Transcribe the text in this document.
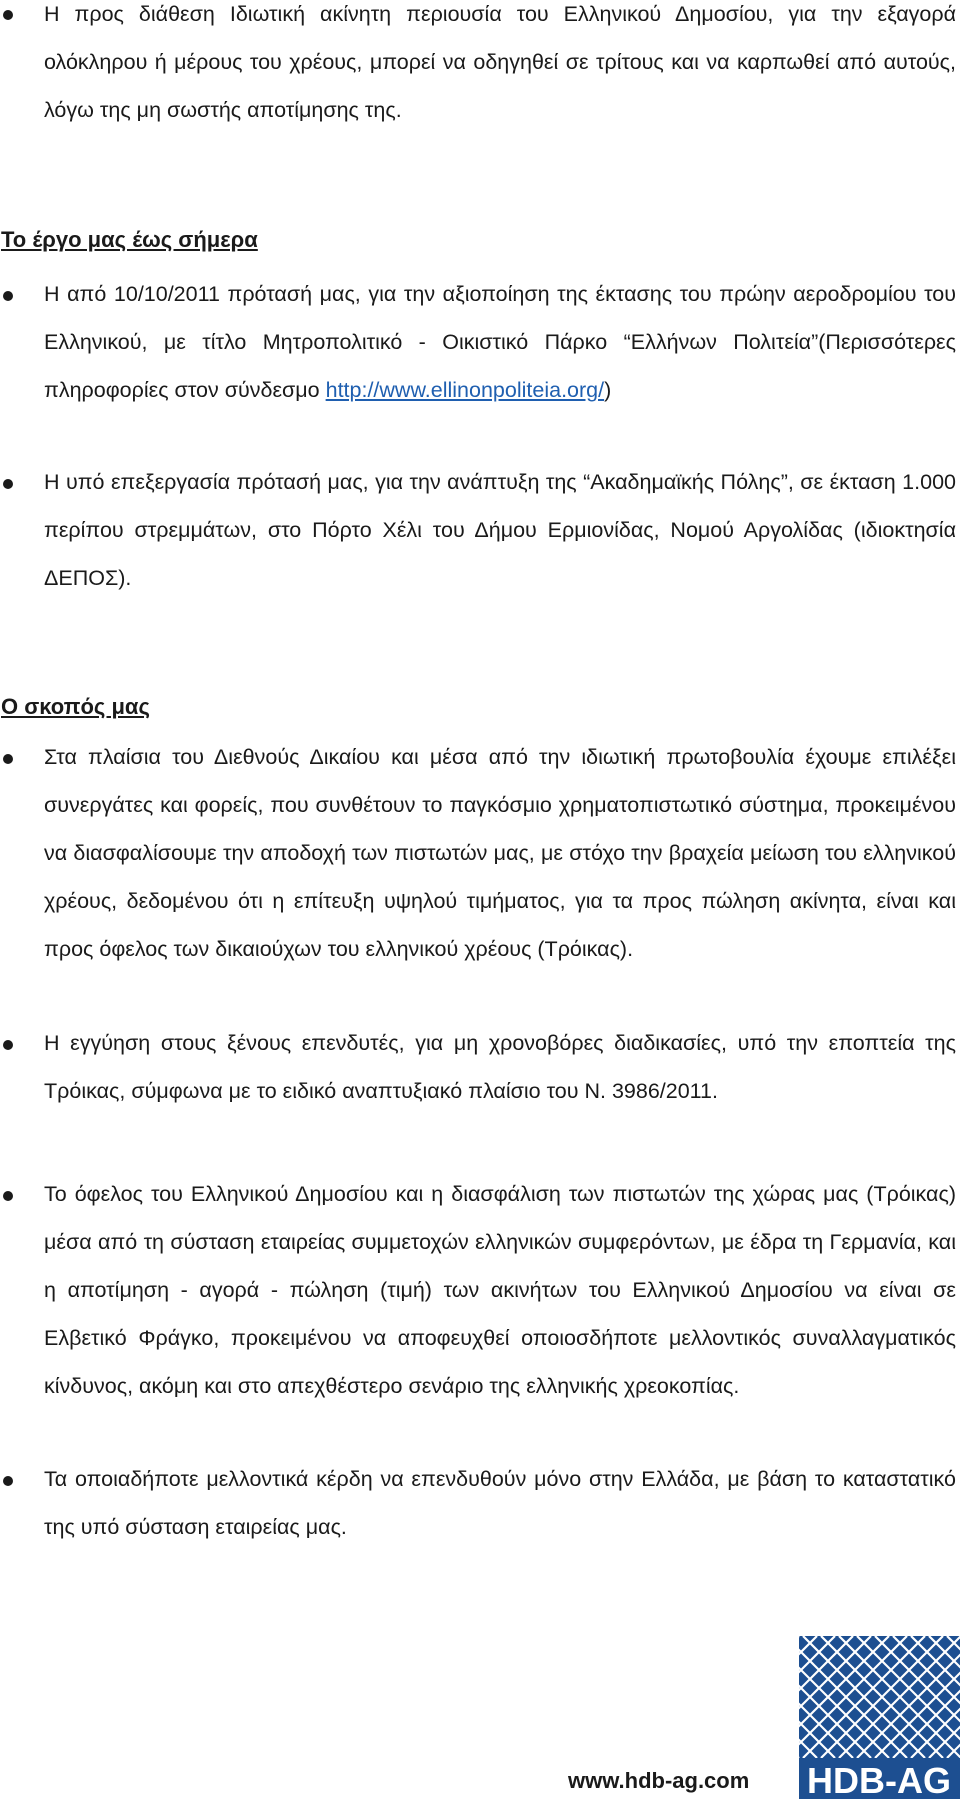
Η προς διάθεση Ιδιωτική ακίνητη περιουσία του Ελληνικού Δημοσίου, για την εξαγορά ολόκληρου ή μέρους του χρέους, μπορεί να οδηγηθεί σε τρίτους και να καρπωθεί από αυτούς, λόγω της μη σωστής αποτίμησης της.
Το έργο μας έως σήμερα
Η από 10/10/2011 πρότασή μας, για την αξιοποίηση της έκτασης του πρώην αεροδρομίου του Ελληνικού, με τίτλο Μητροπολιτικό - Οικιστικό Πάρκο “Ελλήνων Πολιτεία”(Περισσότερες πληροφορίες στον σύνδεσμο http://www.ellinonpoliteia.org/)
Η υπό επεξεργασία πρότασή μας, για την ανάπτυξη της “Ακαδημαϊκής Πόλης”, σε έκταση 1.000 περίπου στρεμμάτων, στο Πόρτο Χέλι του Δήμου Ερμιονίδας, Νομού Αργολίδας (ιδιοκτησία ΔΕΠΟΣ).
Ο σκοπός μας
Στα πλαίσια του Διεθνούς Δικαίου και μέσα από την ιδιωτική πρωτοβουλία έχουμε επιλέξει συνεργάτες και φορείς, που συνθέτουν το παγκόσμιο χρηματοπιστωτικό σύστημα, προκειμένου να διασφαλίσουμε την αποδοχή των πιστωτών μας, με στόχο την βραχεία μείωση του ελληνικού χρέους, δεδομένου ότι η επίτευξη υψηλού τιμήματος, για τα προς πώληση ακίνητα, είναι και προς όφελος των δικαιούχων του ελληνικού χρέους (Τρόικας).
Η εγγύηση στους ξένους επενδυτές, για μη χρονοβόρες διαδικασίες, υπό την εποπτεία της Τρόικας, σύμφωνα με το ειδικό αναπτυξιακό πλαίσιο του Ν. 3986/2011.
Το όφελος του Ελληνικού Δημοσίου και η διασφάλιση των πιστωτών της χώρας μας (Τρόικας) μέσα από τη σύσταση εταιρείας συμμετοχών ελληνικών συμφερόντων, με έδρα τη Γερμανία, και η αποτίμηση - αγορά - πώληση (τιμή) των ακινήτων του Ελληνικού Δημοσίου να είναι σε Ελβετικό Φράγκο, προκειμένου να αποφευχθεί οποιοσδήποτε μελλοντικός συναλλαγματικός κίνδυνος, ακόμη και στο απεχθέστερο σενάριο της ελληνικής χρεοκοπίας.
Τα οποιαδήποτε μελλοντικά κέρδη να επενδυθούν μόνο στην Ελλάδα, με βάση το καταστατικό της υπό σύσταση εταιρείας μας.
www.hdb-ag.com HDB-AG
